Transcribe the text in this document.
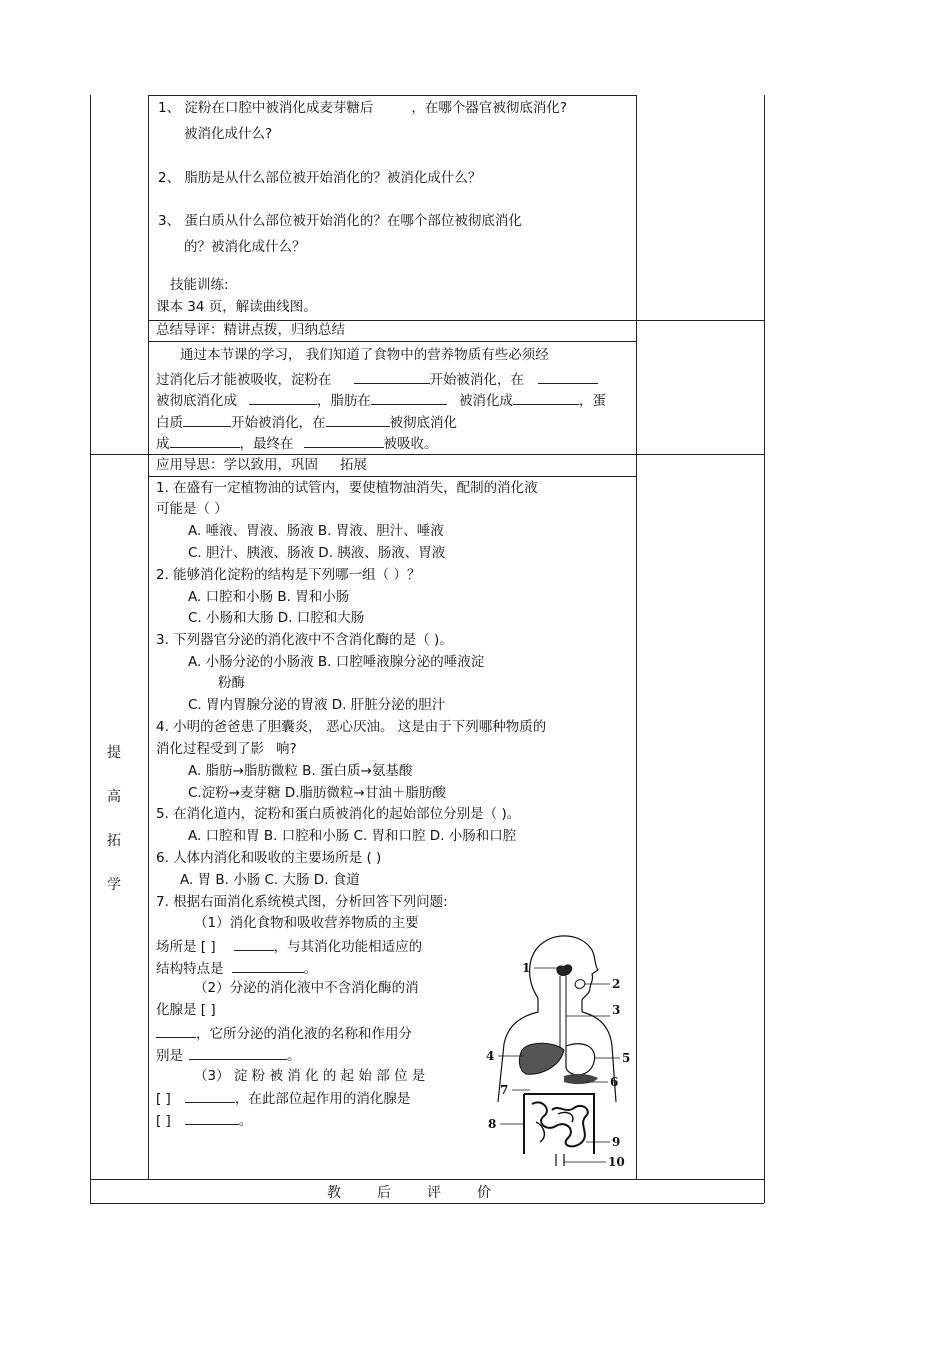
1、 淀粉在口腔中被消化成麦芽糖后	，在哪个器官被彻底消化?
被消化成什么?
2、 脂肪是从什么部位被开始消化的？被消化成什么？
3、 蛋白质从什么部位被开始消化的？在哪个部位被彻底消化
的？被消化成什么？
技能训练:
课本 34 页，解读曲线图。
总结导评：精讲点拨，归纳总结
通过本节课的学习， 我们知道了食物中的营养物质有些必须经
过消化后才能被吸收，淀粉在	开始被消化，在
被彻底消化成	，脂肪在	被消化成	，蛋
白质	开始被消化，在	被彻底消化
成	，最终在	被吸收。
应用导思：学以致用，巩固 拓展
1. 在盛有一定植物油的试管内，要使植物油消失，配制的消化液
可能是（ ）
A. 唾液、胃液、肠液 B. 胃液、胆汁、唾液
C. 胆汁、胰液、肠液 D. 胰液、肠液、胃液
2. 能够消化淀粉的结构是下列哪一组（ ）？
A. 口腔和小肠 B. 胃和小肠
C. 小肠和大肠 D. 口腔和大肠
3. 下列器官分泌的消化液中不含消化酶的是（ )。
A. 小肠分泌的小肠液 B. 口腔唾液腺分泌的唾液淀
粉酶
C. 胃内胃腺分泌的胃液 D. 肝脏分泌的胆汁
4. 小明的爸爸患了胆囊炎， 恶心厌油。 这是由于下列哪种物质的
消化过程受到了影 响?
A. 脂肪→脂肪微粒 B. 蛋白质→氨基酸
C.淀粉→麦芽糖 D.脂肪微粒→甘油＋脂肪酸
5. 在消化道内，淀粉和蛋白质被消化的起始部位分别是（ )。
A. 口腔和胃 B. 口腔和小肠 C. 胃和口腔 D. 小肠和口腔
6. 人体内消化和吸收的主要场所是 ( )
A. 胃 B. 小肠 C. 大肠 D. 食道
7. 根据右面消化系统模式图，分析回答下列问题:
（1）消化食物和吸收营养物质的主要
场所是 [ ]	，与其消化功能相适应的
结构特点是	。
（2）分泌的消化液中不含消化酶的消
化腺是 [ ]
，它所分泌的消化液的名称和作用分
别是	。
（3） 淀 粉 被 消 化 的 起 始 部 位 是
[ ]	，在此部位起作用的消化腺是
[ ]	。
提
高
拓
学
1
2
3
4	5
6
7
8
9
10
教后评价
